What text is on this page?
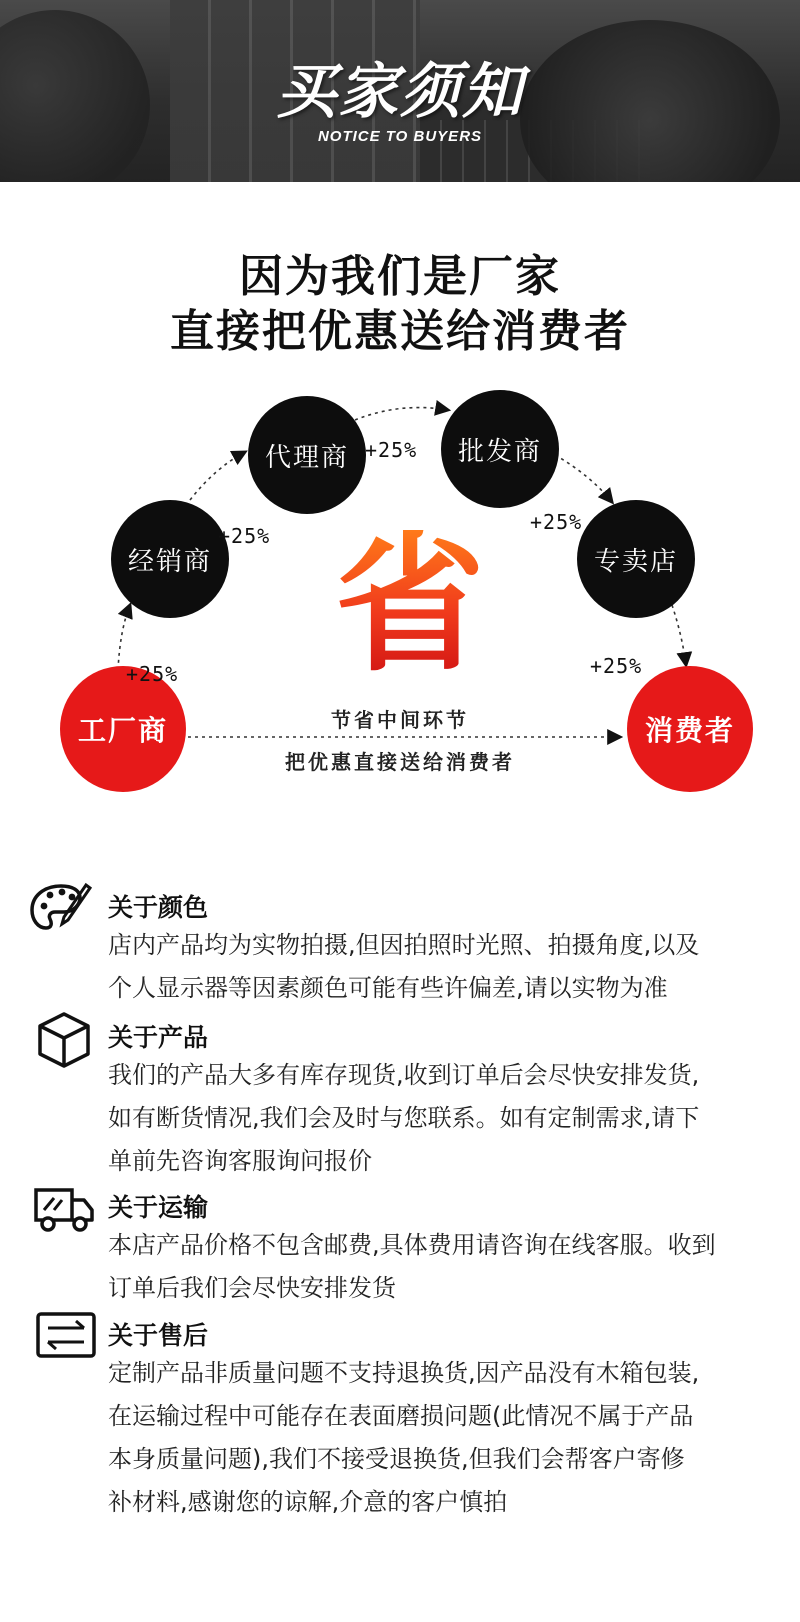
买家须知
NOTICE TO BUYERS
因为我们是厂家
直接把优惠送给消费者
工厂商
经销商
代理商	批发商
专卖店
消费者
+25%
+25%
+25%
+25%
+25%
省
节省中间环节
把优惠直接送给消费者
关于颜色
店内产品均为实物拍摄,但因拍照时光照、拍摄角度,以及
个人显示器等因素颜色可能有些许偏差,请以实物为准
关于产品
我们的产品大多有库存现货,收到订单后会尽快安排发货,
如有断货情况,我们会及时与您联系。如有定制需求,请下
单前先咨询客服询问报价
关于运输
本店产品价格不包含邮费,具体费用请咨询在线客服。收到
订单后我们会尽快安排发货
关于售后
定制产品非质量问题不支持退换货,因产品没有木箱包装,
在运输过程中可能存在表面磨损问题(此情况不属于产品
本身质量问题),我们不接受退换货,但我们会帮客户寄修
补材料,感谢您的谅解,介意的客户慎拍
